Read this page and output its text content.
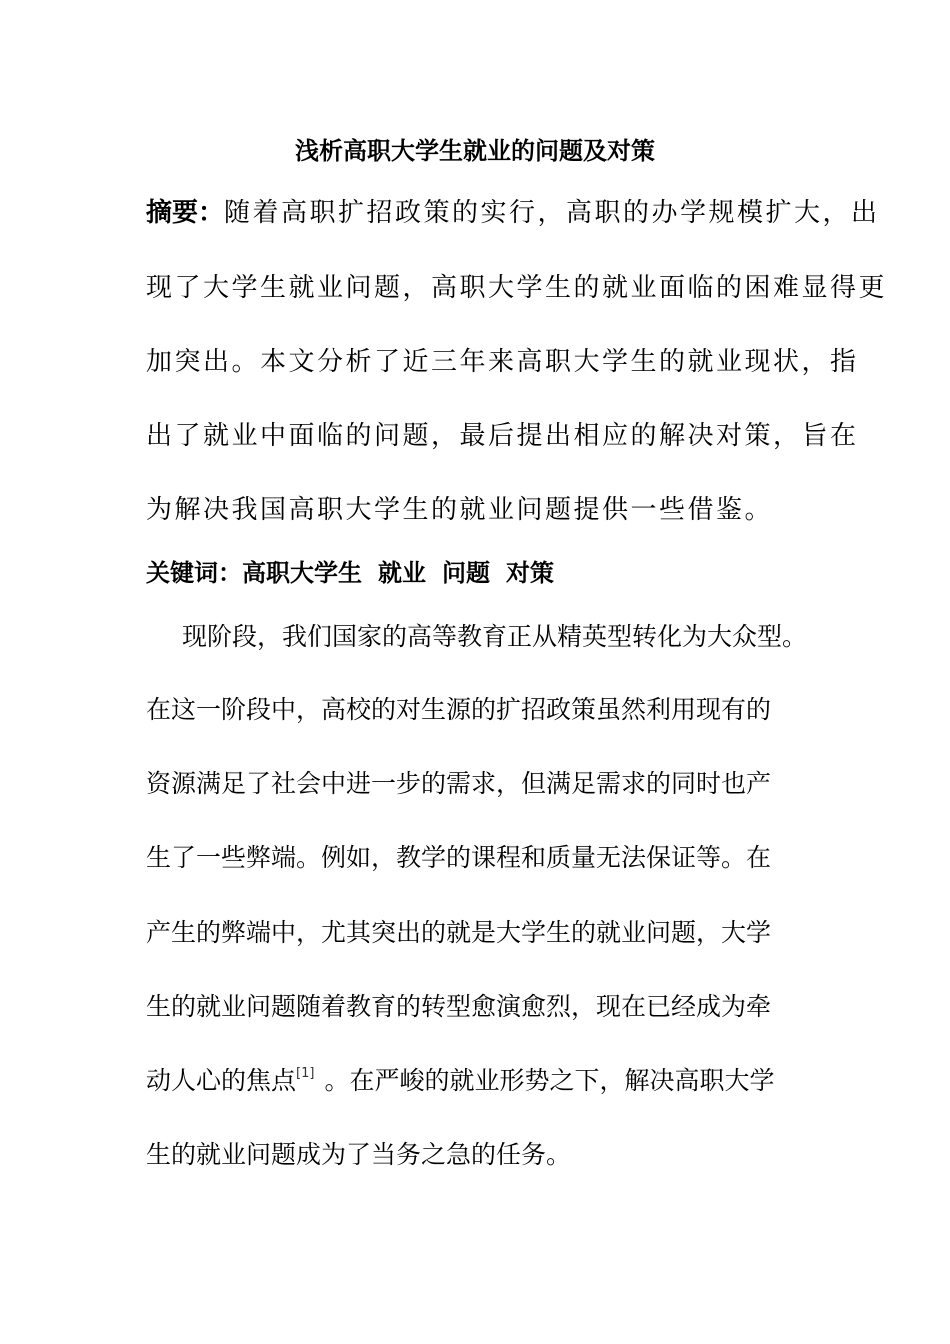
浅析高职大学生就业的问题及对策

摘要：随着高职扩招政策的实行，高职的办学规模扩大，出

现了大学生就业问题，高职大学生的就业面临的困难显得更

加突出。本文分析了近三年来高职大学生的就业现状，指

出了就业中面临的问题，最后提出相应的解决对策，旨在

为解决我国高职大学生的就业问题提供一些借鉴。

关键词：高职大学生 就业 问题 对策

现阶段，我们国家的高等教育正从精英型转化为大众型。

在这一阶段中，高校的对生源的扩招政策虽然利用现有的

资源满足了社会中进一步的需求，但满足需求的同时也产

生了一些弊端。例如，教学的课程和质量无法保证等。在

产生的弊端中，尤其突出的就是大学生的就业问题，大学

生的就业问题随着教育的转型愈演愈烈，现在已经成为牵

动人心的焦点[1] 。在严峻的就业形势之下，解决高职大学

生的就业问题成为了当务之急的任务。
